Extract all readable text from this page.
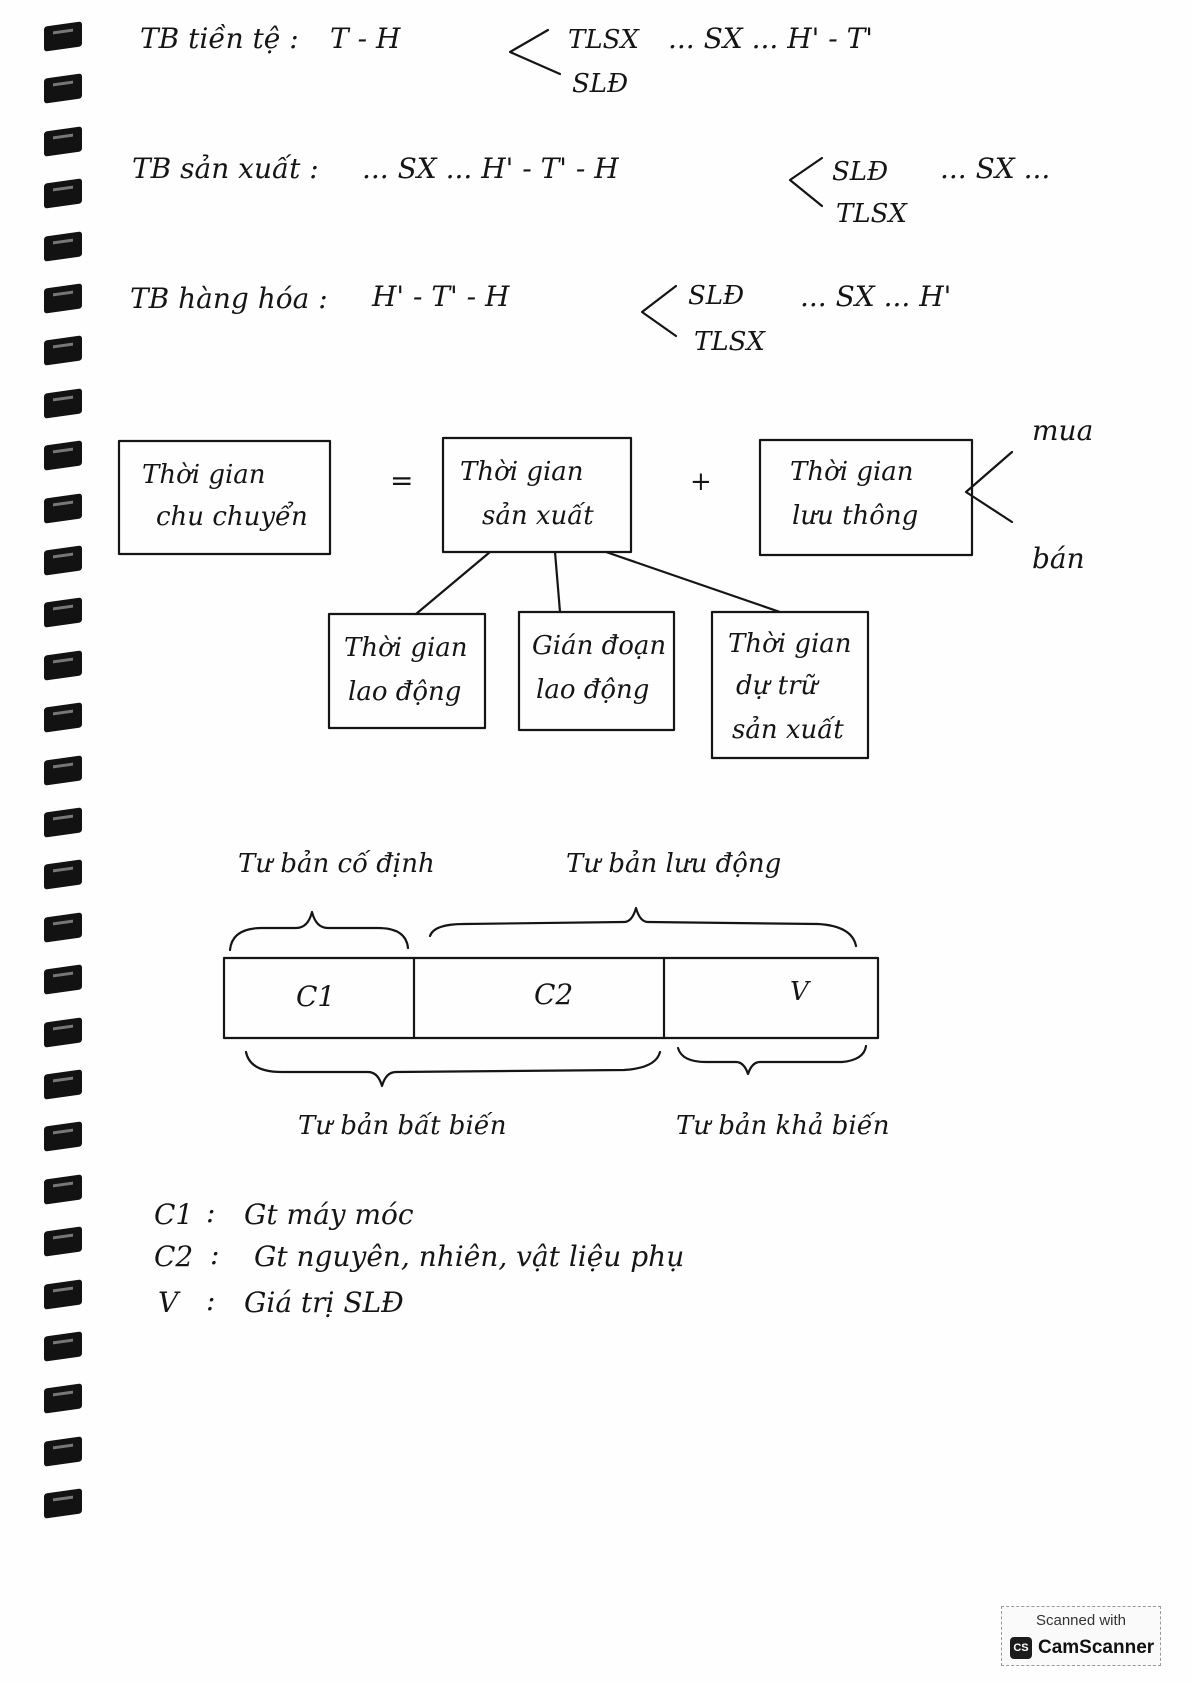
TB tiền tệ : T - H	TLSX
SLĐ
... SX ... H' - T'
TB sản xuất : ... SX ... H' - T' - H	SLĐ
TLSX
... SX ...
TB hàng hóa : H' - T' - H	SLĐ
TLSX
... SX ... H'
Thời gian
chu chuyển
= Thời gian
sản xuất
+	Thời gian
lưu thông
mua
bán
Thời gian
lao động
Gián đoạn
lao động
Thời gian
dự trữ
sản xuất
Tư bản cố định	Tư bản lưu động
C1	C2	V
Tư bản bất biến	Tư bản khả biến
C1 : Gt máy móc
C2 : Gt nguyên, nhiên, vật liệu phụ
V : Giá trị SLĐ
Scanned with
CS CamScanner
